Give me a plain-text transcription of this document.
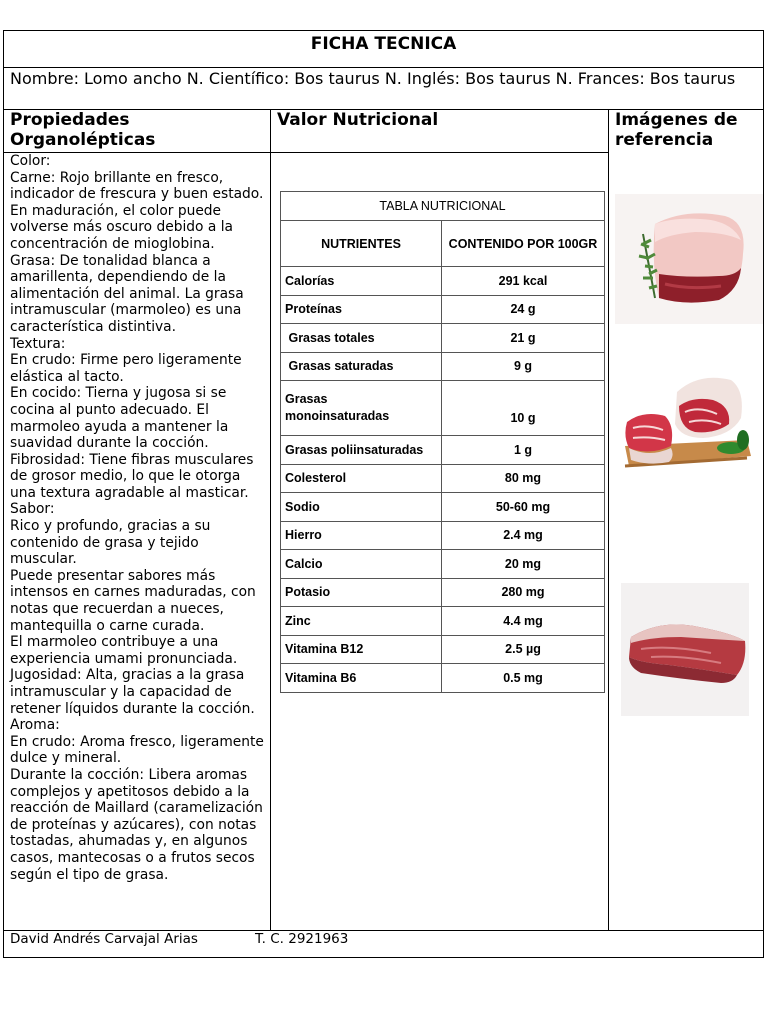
FICHA TECNICA
Nombre: Lomo ancho N. Científico: Bos taurus N. Inglés: Bos taurus N. Frances: Bos taurus
Propiedades Organolépticas
Color:
Carne: Rojo brillante en fresco, indicador de frescura y buen estado. En maduración, el color puede volverse más oscuro debido a la concentración de mioglobina.
Grasa: De tonalidad blanca a amarillenta, dependiendo de la alimentación del animal. La grasa intramuscular (marmoleo) es una característica distintiva.
Textura:
En crudo: Firme pero ligeramente elástica al tacto.
En cocido: Tierna y jugosa si se cocina al punto adecuado. El marmoleo ayuda a mantener la suavidad durante la cocción.
Fibrosidad: Tiene fibras musculares de grosor medio, lo que le otorga una textura agradable al masticar.
Sabor:
Rico y profundo, gracias a su contenido de grasa y tejido muscular.
Puede presentar sabores más intensos en carnes maduradas, con notas que recuerdan a nueces, mantequilla o carne curada.
El marmoleo contribuye a una experiencia umami pronunciada.
Jugosidad: Alta, gracias a la grasa intramuscular y la capacidad de retener líquidos durante la cocción.
Aroma:
En crudo: Aroma fresco, ligeramente dulce y mineral.
Durante la cocción: Libera aromas complejos y apetitosos debido a la reacción de Maillard (caramelización de proteínas y azúcares), con notas tostadas, ahumadas y, en algunos casos, mantecosas o a frutos secos según el tipo de grasa.
Valor Nutricional
TABLA NUTRICIONAL	
NUTRIENTES	CONTENIDO POR 100GR
Calorías	291 kcal
Proteínas	24 g
Grasas totales	21 g
Grasas saturadas	9 g
Grasas monoinsaturadas	10 g
Grasas poliinsaturadas	1 g
Colesterol	80 mg
Sodio	50-60 mg
Hierro	2.4 mg
Calcio	20 mg
Potasio	280 mg
Zinc	4.4 mg
Vitamina B12	2.5 µg
Vitamina B6	0.5 mg
Imágenes de referencia
David Andrés Carvajal Arias	T. C. 2921963
